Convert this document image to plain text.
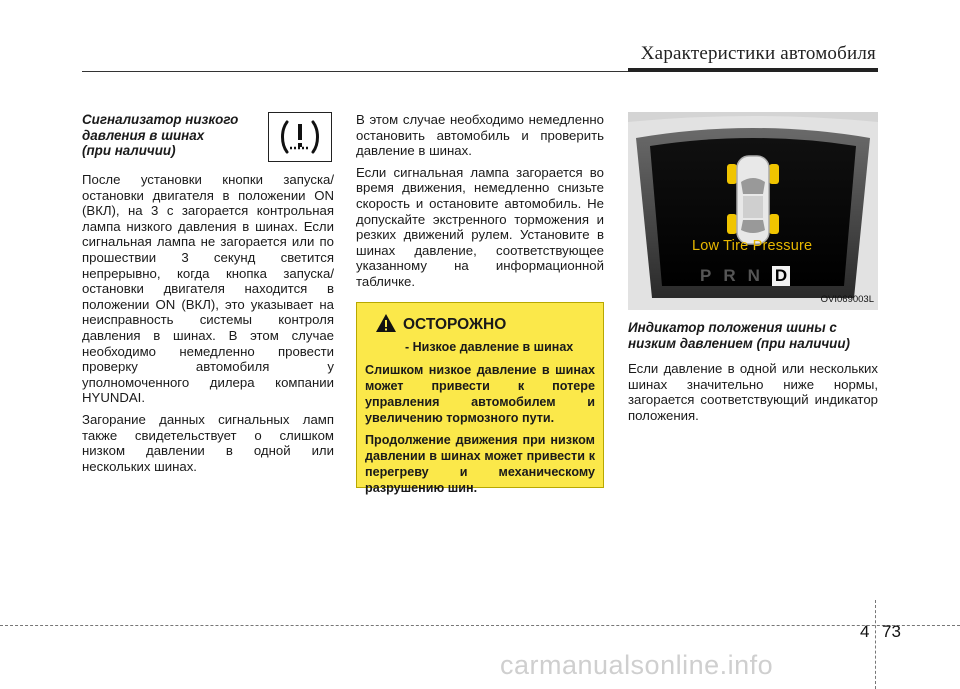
Характеристики автомобиля
Сигнализатор низкого
давления в шинах
(при наличии)

После установки кнопки запуска/остановки двигателя в положении ON (ВКЛ), на 3 с загорается контрольная лампа низкого давления в шинах. Если сигнальная лампа не загорается или по прошествии 3 секунд светится непрерывно, когда кнопка запуска/остановки двигателя находится в положении ON (ВКЛ), это указывает на неисправность системы контроля давления в шинах. В этом случае необходимо немедленно провести проверку автомобиля у уполномоченного дилера компании HYUNDAI.

Загорание данных сигнальных ламп также свидетельствует о слишком низком давлении в одной или нескольких шинах.

В этом случае необходимо немедленно остановить автомобиль и проверить давление в шинах.

Если сигнальная лампа загорается во время движения, немедленно снизьте скорость и остановите автомобиль. Не допускайте экстренного торможения и резких движений рулем. Установите в шинах давление, соответствующее указанному на информационной табличке.

ОСТОРОЖНО
- Низкое давление в шинах

Слишком низкое давление в шинах может привести к потере управления автомобилем и увеличению тормозного пути.

Продолжение движения при низком давлении в шинах может привести к перегреву и механическому разрушению шин.

Low Tire Pressure
P R N D
OVI069003L
Индикатор положения шины с
низким давлением (при наличии)

Если давление в одной или нескольких шинах значительно ниже нормы, загорается соответствующий индикатор положения.

4 73
carmanualsonline.info
